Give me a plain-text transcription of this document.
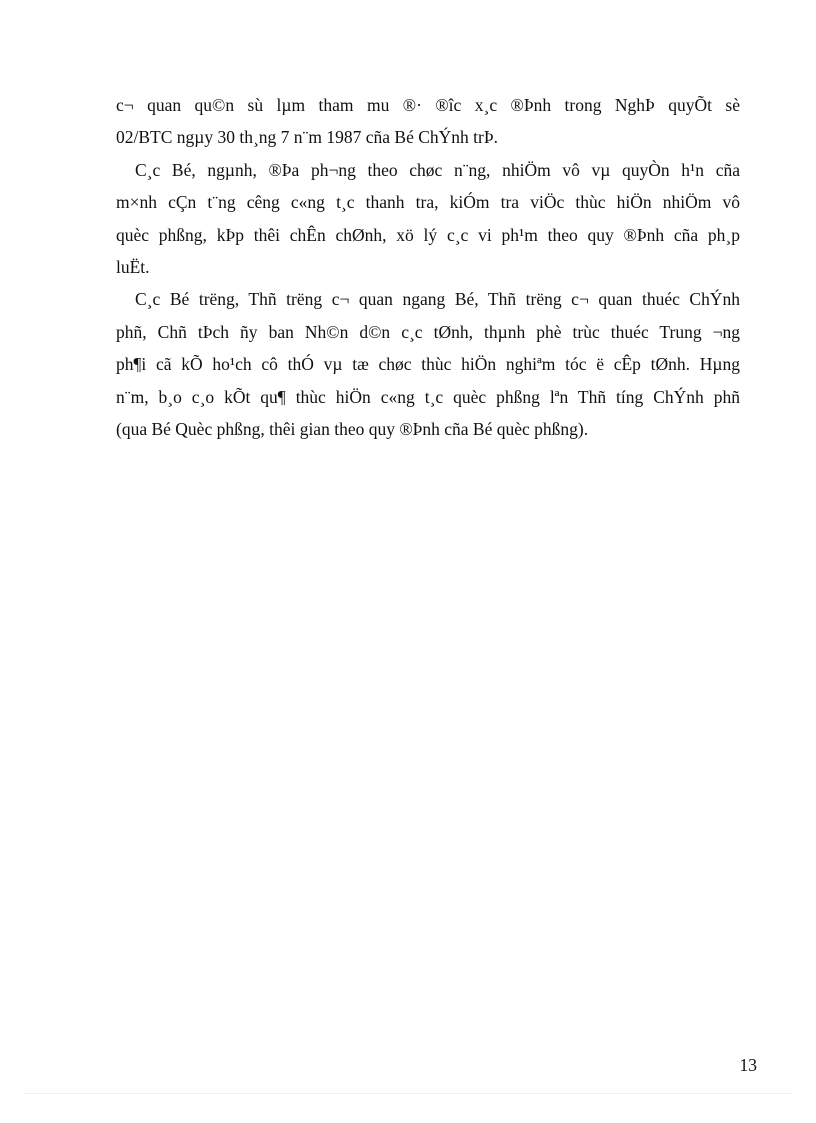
c¬ quan qu©n sù lµm tham mu ®· ®îc x¸c ®Þnh trong NghÞ quyÕt sè
02/BTC ngµy 30 th¸ng 7 n¨m 1987 cña Bé ChÝnh trÞ.
C¸c Bé, ngµnh, ®Þa ph¬ng theo chøc n¨ng, nhiÖm vô vµ quyÒn h¹n cña
m×nh cÇn t¨ng cêng c«ng t¸c thanh tra, kiÓm tra viÖc thùc hiÖn nhiÖm vô
quèc phßng, kÞp thêi chÊn chØnh, xö lý c¸c vi ph¹m theo quy ®Þnh cña ph¸p
luËt.
C¸c Bé trëng, Thñ trëng c¬ quan ngang Bé, Thñ trëng c¬ quan thuéc ChÝnh
phñ, Chñ tÞch ñy ban Nh©n d©n c¸c tØnh, thµnh phè trùc thuéc Trung ¬ng
ph¶i cã kÕ ho¹ch cô thÓ vµ tæ chøc thùc hiÖn nghiªm tóc ë cÊp tØnh. Hµng
n¨m, b¸o c¸o kÕt qu¶ thùc hiÖn c«ng t¸c quèc phßng lªn Thñ tíng ChÝnh phñ
(qua Bé Quèc phßng, thêi gian theo quy ®Þnh cña Bé quèc phßng).
13
